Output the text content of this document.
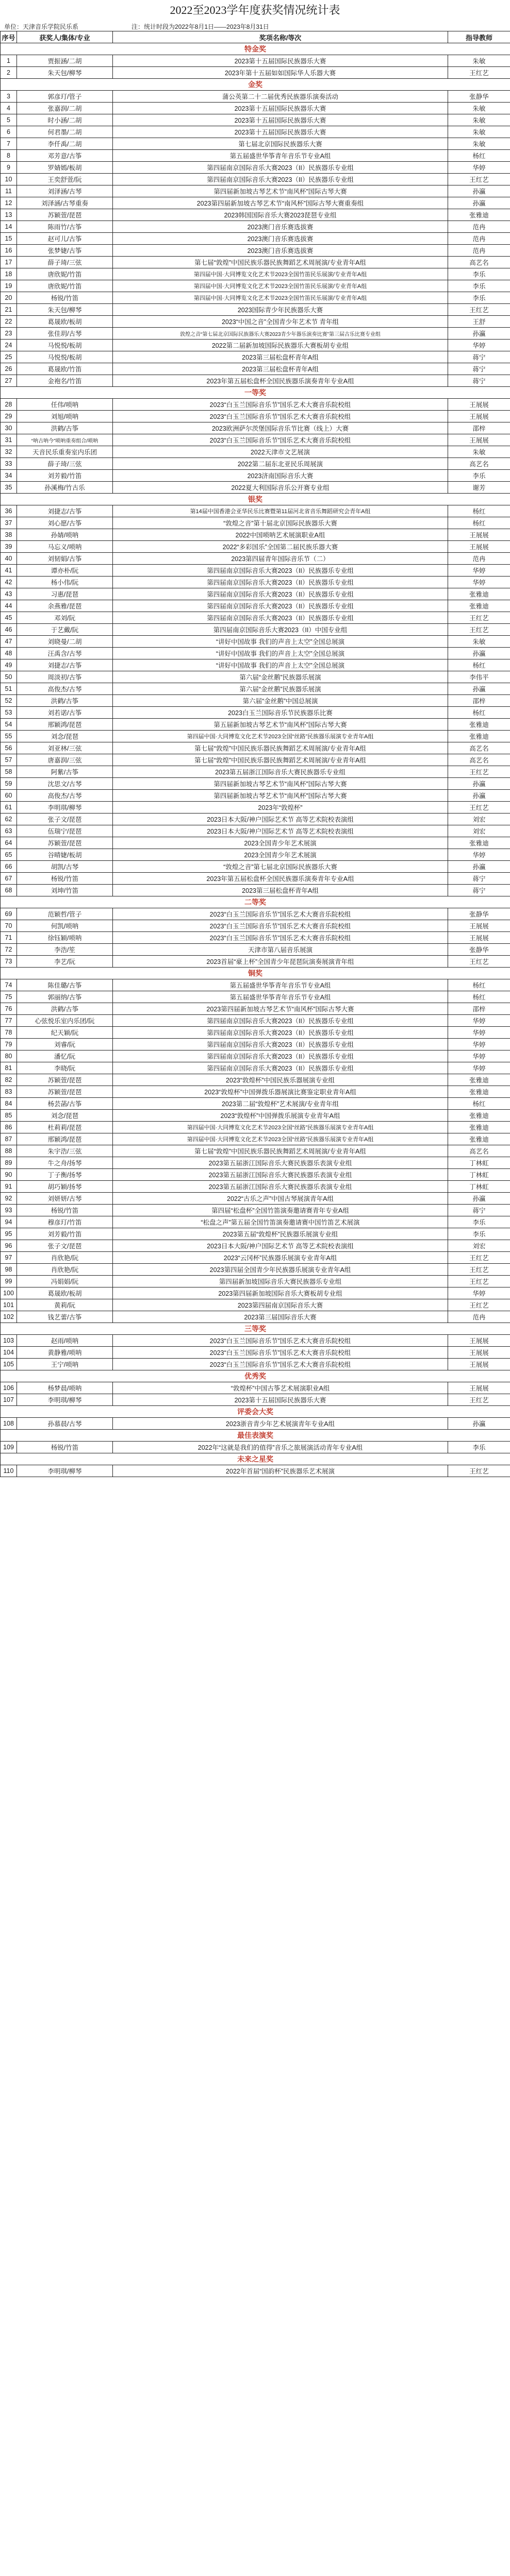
2022至2023学年度获奖情况统计表
单位：天津音乐学院民乐系	注：统计时段为2022年8月1日——2023年8月31日
序号	获奖人/集体/专业	奖项名称/等次	指导教师
特金奖			
1	贾振涵/二胡	2023第十五届国际民族器乐大赛	朱敏
2	朱天包/柳琴	2023年第十五届如如国际华人乐器大赛	王红艺
金奖			
3	郭彦玎/管子	蒲公英第二十二届优秀民族器乐演奏活动	张静华
4	张嘉润/二胡	2023第十五届国际民族器乐大赛	朱敏
5	时小涵/二胡	2023第十五届国际民族器乐大赛	朱敏
6	何君墨/二胡	2023第十五届国际民族器乐大赛	朱敏
7	李仟禹/二胡	第七届北京国际民族器乐大赛	朱敏
8	邓芳意/古筝	第五届盛世华筝青年音乐节专业A组	杨红
9	罗婧嫣/板胡	第四届南京国际音乐大赛2023（II）民族器乐专业组	华婷
10	王奕舒萱/阮	第四届南京国际音乐大赛2023（II）民族器乐专业组	王红艺
11	刘泽涵/古琴	第四届新加坡古琴艺术节“南风杯”国际古琴大赛	孙瀛
12	刘泽涵/古琴重奏	2023第四届新加坡古琴艺术节“南风杯”国际古琴大赛重奏组	孙瀛
13	苏颖萱/琵琶	2023韩国国际音乐大赛2023琵琶专业组	张雅迪
14	陈雨竹/古筝	2023澳门音乐赛选拔赛	范冉
15	赵可儿/古筝	2023澳门音乐赛选拔赛	范冉
16	张梦婕/古筝	2023澳门音乐赛选拔赛	范冉
17	薛子琦/三弦	第七届“敦煌”中国民族乐器民族舞蹈艺术周展演/专业青年A组	高艺名
18	唐欣妮/竹笛	第四届中国·大同博览文化艺术节2023全国竹笛民乐展演/专业青年A组	李乐
19	唐欣妮/竹笛	第四届中国·大同博览文化艺术节2023全国竹笛民乐展演/专业青年A组	李乐
20	杨锐/竹笛	第四届中国·大同博览文化艺术节2023全国竹笛民乐展演/专业青年A组	李乐
21	朱天包/柳琴	2023国际青少年民族器乐大赛	王红艺
22	葛晟欧/板胡	2023“中国之音”全国青少年艺术节 青年组	王舒
23	张佳玥/古琴	敦煌之音“第七届北京国际民族器乐大赛2023青少年器乐演奏比赛”第三届古乐比赛专业组	孙瀛
24	马悦悦/板胡	2022第二届新加坡国际民族器乐大赛板胡专业组	华婷
25	马悦悦/板胡	2023第三届松盘杯青年A组	蒋宁
26	葛晟欧/竹笛	2023第三届松盘杯青年A组	蒋宁
27	金袍名/竹笛	2023年第五届松盘杯全国民族器乐演奏青年专业A组	蒋宁
一等奖			
28	任伟/唢呐	2023“白玉兰国际音乐节”国乐艺术大赛音乐院校组	王展展
29	刘旭/唢呐	2023“白玉兰国际音乐节”国乐艺术大赛音乐院校组	王展展
30	洪鹤/古筝	2023欧洲萨尔茨堡国际音乐节比赛（线上）大赛	邵梓
31	“呐古呐今”唢呐重奏组合/唢呐	2023“白玉兰国际音乐节”国乐艺术大赛音乐院校组	王展展
32	天音民乐重奏室内乐团	2022天津市文艺展演	朱敏
33	薛子琦/三弦	2022第二届东北亚民乐周展演	高艺名
34	刘芳毅/竹笛	2023济南国际音乐大赛	李乐
35	孙溪梅/竹古乐	2022夏大利国际音乐公开赛专业组	谢芳
银奖			
36	刘捷志/古筝	第14届中国香港会亚华民乐比赛暨第11届河北省音乐舞蹈研究会青年A组	杨红
37	刘心愿/古筝	“敦煌之音”第十届北京国际民族器乐大赛	杨红
38	孙婧/唢呐	2022中国唢呐艺术展演职业A组	王展展
39	马忘义/唢呐	2022“多彩国乐”全国第二届民族乐器大赛	王展展
40	刘韧娟/古筝	2023第四届青年国际音乐节（二）	范冉
41	谭亦朴/阮	第四届南京国际音乐大赛2023（II）民族器乐专业组	华婷
42	杨小伟/阮	第四届南京国际音乐大赛2023（II）民族器乐专业组	华婷
43	习惠/琵琶	第四届南京国际音乐大赛2023（II）民族器乐专业组	张雅迪
44	余燕雅/琵琶	第四届南京国际音乐大赛2023（II）民族器乐专业组	张雅迪
45	邓刘/阮	第四届南京国际音乐大赛2023（II）民族器乐专业组	王红艺
46	于艺戴/阮	第四届南京国际音乐大赛2023（II）中国专业组	王红艺
47	刘晓曼/二胡	“讲好中国故事 我们的声音上太空”全国总展演	朱敏
48	汪禹含/古琴	“讲好中国故事 我们的声音上太空”全国总展演	孙瀛
49	刘捷志/古筝	“讲好中国故事 我们的声音上太空”全国总展演	杨红
50	周淡初/古筝	第六届“金丝鹅”民族器乐展演	李伟平
51	高俊杰/古琴	第六届“金丝鹅”民族器乐展演	孙瀛
52	洪鹤/古筝	第六届“金丝鹅”中国总展演	邵梓
53	刘若诺/古筝	2023白玉兰国际音乐节民族器乐比赛	杨红
54	邢颖鸿/琵琶	第五届新加坡古琴艺术节“南风杯”国际古琴大赛	张雅迪
55	刘念/琵琶	第四届中国·大同博览文化艺术节2023全国“丝路”民族器乐展演专业青年A组	张雅迪
56	刘亚林/三弦	第七届“敦煌”中国民族乐器民族舞蹈艺术周展演/专业青年A组	高艺名
57	唐嘉润/三弦	第七届“敦煌”中国民族乐器民族舞蹈艺术周展演/专业青年A组	高艺名
58	阿紫/古筝	2023第五届浙江国际音乐大赛民族器乐专业组	王红艺
59	沈思文/古琴	第四届新加坡古琴艺术节“南风杯”国际古琴大赛	孙瀛
60	高俊杰/古琴	第四届新加坡古琴艺术节“南风杯”国际古琴大赛	孙瀛
61	李明琪/柳琴	2023年“敦煌杯”	王红艺
62	张子文/琵琶	2023日本大阪/神户国际艺术节 高等艺术院校表演组	刘宏
63	伍瑞宁/琵琶	2023日本大阪/神户国际艺术节 高等艺术院校表演组	刘宏
64	苏颖萱/琵琶	2023全国青少年艺术展演	张雅迪
65	谷晴婕/板胡	2023全国青少年艺术展演	华婷
66	胡凯/古琴	“敦煌之音”第七届北京国际民族器乐大赛	孙瀛
67	杨锐/竹笛	2023年第五届松盘杯全国民族器乐演奏青年专业A组	蒋宁
68	刘坤/竹笛	2023第三届松盘杯青年A组	蒋宁
二等奖			
69	范颖哲/管子	2023“白玉兰国际音乐节”国乐艺术大赛音乐院校组	张静华
70	何凯/唢呐	2023“白玉兰国际音乐节”国乐艺术大赛音乐院校组	王展展
71	徐钰颖/唢呐	2023“白玉兰国际音乐节”国乐艺术大赛音乐院校组	王展展
72	李浩/笙	天津市第八届音乐展演	张静华
73	李艺/阮	2023首届“豪上杯”全国青少年琵琶阮演奏展演青年组	王红艺
铜奖			
74	陈佳璐/古筝	第五届盛世华筝青年音乐节专业A组	杨红
75	郭丽纳/古筝	第五届盛世华筝青年音乐节专业A组	杨红
76	洪鹤/古筝	2023第四届新加坡古琴艺术节“南风杯”国际古琴大赛	邵梓
77	心弦悦乐室内乐团/阮	第四届南京国际音乐大赛2023（II）民族器乐专业组	华婷
78	纪天颖/阮	第四届南京国际音乐大赛2023（II）民族器乐专业组	华婷
79	刘睿/阮	第四届南京国际音乐大赛2023（II）民族器乐专业组	华婷
80	潘忆/阮	第四届南京国际音乐大赛2023（II）民族器乐专业组	华婷
81	李晓/阮	第四届南京国际音乐大赛2023（II）民族器乐专业组	华婷
82	苏颖萱/琵琶	2023“敦煌杯”中国民族乐器展演专业组	张雅迪
83	苏颖萱/琵琶	2023“敦煌杯”中国弹拨乐器展演比赛鉴定职业青年A组	张雅迪
84	杨芸菡/古筝	2023第二届“敦煌杯”艺术展演/专业青年组	杨红
85	刘念/琵琶	2023“敦煌杯”中国弹拨乐展演专业青年A组	张雅迪
86	杜莉莉/琵琶	第四届中国·大同博览文化艺术节2023全国“丝路”民族器乐展演专业青年A组	张雅迪
87	邢颖鸿/琵琶	第四届中国·大同博览文化艺术节2023全国“丝路”民族器乐展演专业青年A组	张雅迪
88	朱宇浩/三弦	第七届“敦煌”中国民族乐器民族舞蹈艺术周展演/专业青年A组	高艺名
89	牛之舟/扬琴	2023第五届浙江国际音乐大赛民族器乐表演专业组	丁林虹
90	丁子衡/扬琴	2023第五届浙江国际音乐大赛民族器乐表演专业组	丁林虹
91	胡巧颖/扬琴	2023第五届浙江国际音乐大赛民族器乐表演专业组	丁林虹
92	刘妍妍/古琴	2022“古乐之声”中国古琴展演青年A组	孙瀛
93	杨锐/竹笛	第四届“松盘杯”全国竹笛演奏邀请赛青年专业A组	蒋宁
94	穆彦玎/竹笛	“松盘之声”第五届全国竹笛演奏邀请赛中国竹笛艺术展演	李乐
95	刘芳毅/竹笛	2023第五届“敦煌杯”民族器乐展演专业组	李乐
96	张子文/琵琶	2023日本大阪/神户国际艺术节 高等艺术院校表演组	刘宏
97	肖欣艳/阮	2023“云冈杯”民族器乐展演专业青年A组	王红艺
98	肖欣艳/阮	2023第四届全国青少年民族器乐展演专业青年A组	王红艺
99	冯娟娟/阮	第四届新加坡国际音乐大赛民族器乐专业组	王红艺
100	葛晟欧/板胡	2023第四届新加坡国际音乐大赛板胡专业组	华婷
101	黄莉/阮	2023第四届南京国际音乐大赛	王红艺
102	钱艺蕾/古筝	2023第三届国际音乐大赛	范冉
三等奖			
103	赵雨/唢呐	2023“白玉兰国际音乐节”国乐艺术大赛音乐院校组	王展展
104	黄静雅/唢呐	2023“白玉兰国际音乐节”国乐艺术大赛音乐院校组	王展展
105	王宁/唢呐	2023“白玉兰国际音乐节”国乐艺术大赛音乐院校组	王展展
优秀奖			
106	杨梦晨/唢呐	“敦煌杯”中国古筝艺术展演职业A组	王展展
107	李明琪/柳琴	2023第十五届国际民族器乐大赛	王红艺
评委会大奖			
108	孙慕晨/古琴	2023浙音青少年艺术展演青年专业A组	孙瀛
最佳表演奖			
109	杨锐/竹笛	2022年“这就是我们的值得”音乐之旅展演活动青年专业A组	李乐
未来之星奖			
110	李明琪/柳琴	2022年首届“国韵杯”民族器乐艺术展演	王红艺
